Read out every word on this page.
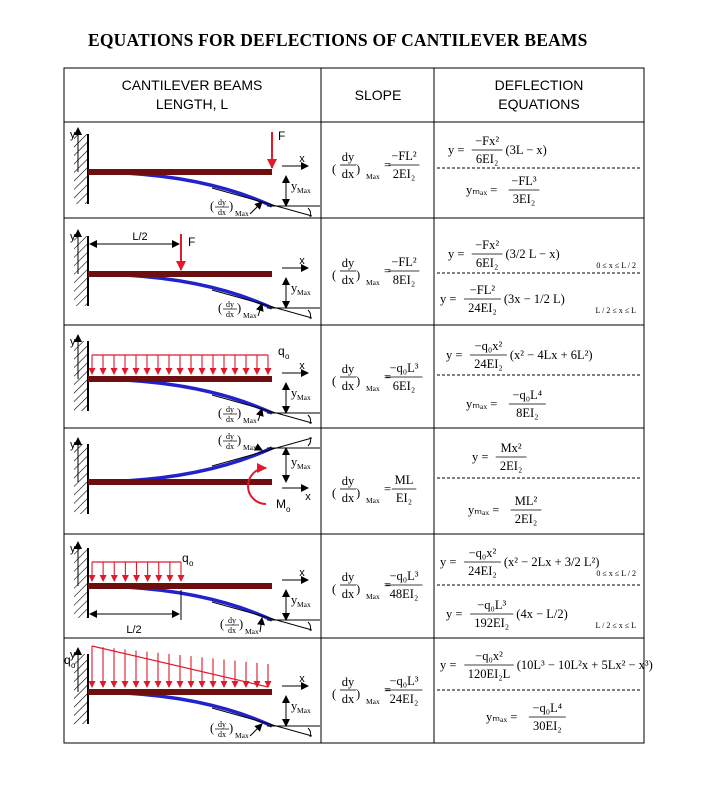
EQUATIONS FOR DEFLECTIONS OF CANTILEVER BEAMS
CANTILEVER BEAMS
LENGTH, L
SLOPE
DEFLECTION
EQUATIONS
y
x
y Max
F
( dy
dx )
Max
y
x
y Max
F
L/2
( dy
dx )
Max
y
x
y Max
q o
( dy
dx )
Max
y
x
y Max
M o
( dy
dx )
Max
y
x
y Max
q o
L/2	( dy
dx )
Max
y
x
y Max
q o
( dy
dx )
Max
(
dy
dx )
Max
=
−FL²
2EI₂
(
dy
dx )
Max
=
−FL²
8EI₂
(
dy
dx )
Max
=
−q₀L³
6EI₂
(
dy
dx )
Max
=
ML
EI₂
(
dy
dx )
Max
=
−q₀L³
48EI₂
(
dy
dx )
Max
=
−q₀L³
24EI₂
y =
−Fx²
6EI₂
(3L − x)
yₘₐₓ =
−FL³
3EI₂
y =
−Fx²
6EI₂
(3/2 L − x)
0 ≤ x ≤ L / 2
y =
−FL²
24EI₂
(3x − 1/2 L)
L / 2 ≤ x ≤ L
y =
−q₀x²
24EI₂
(x² − 4Lx + 6L²)
yₘₐₓ =
−q₀L⁴
8EI₂
y =
Mx²
2EI₂
yₘₐₓ =
ML²
2EI₂
y =
−q₀x²
24EI₂
(x² − 2Lx + 3/2 L²)
0 ≤ x ≤ L / 2
y =
−q₀L³
192EI₂
(4x − L/2)
L / 2 ≤ x ≤ L
y =
−q₀x²
120EI₂L
(10L³ − 10L²x + 5Lx² − x³)
yₘₐₓ =
−q₀L⁴
30EI₂
